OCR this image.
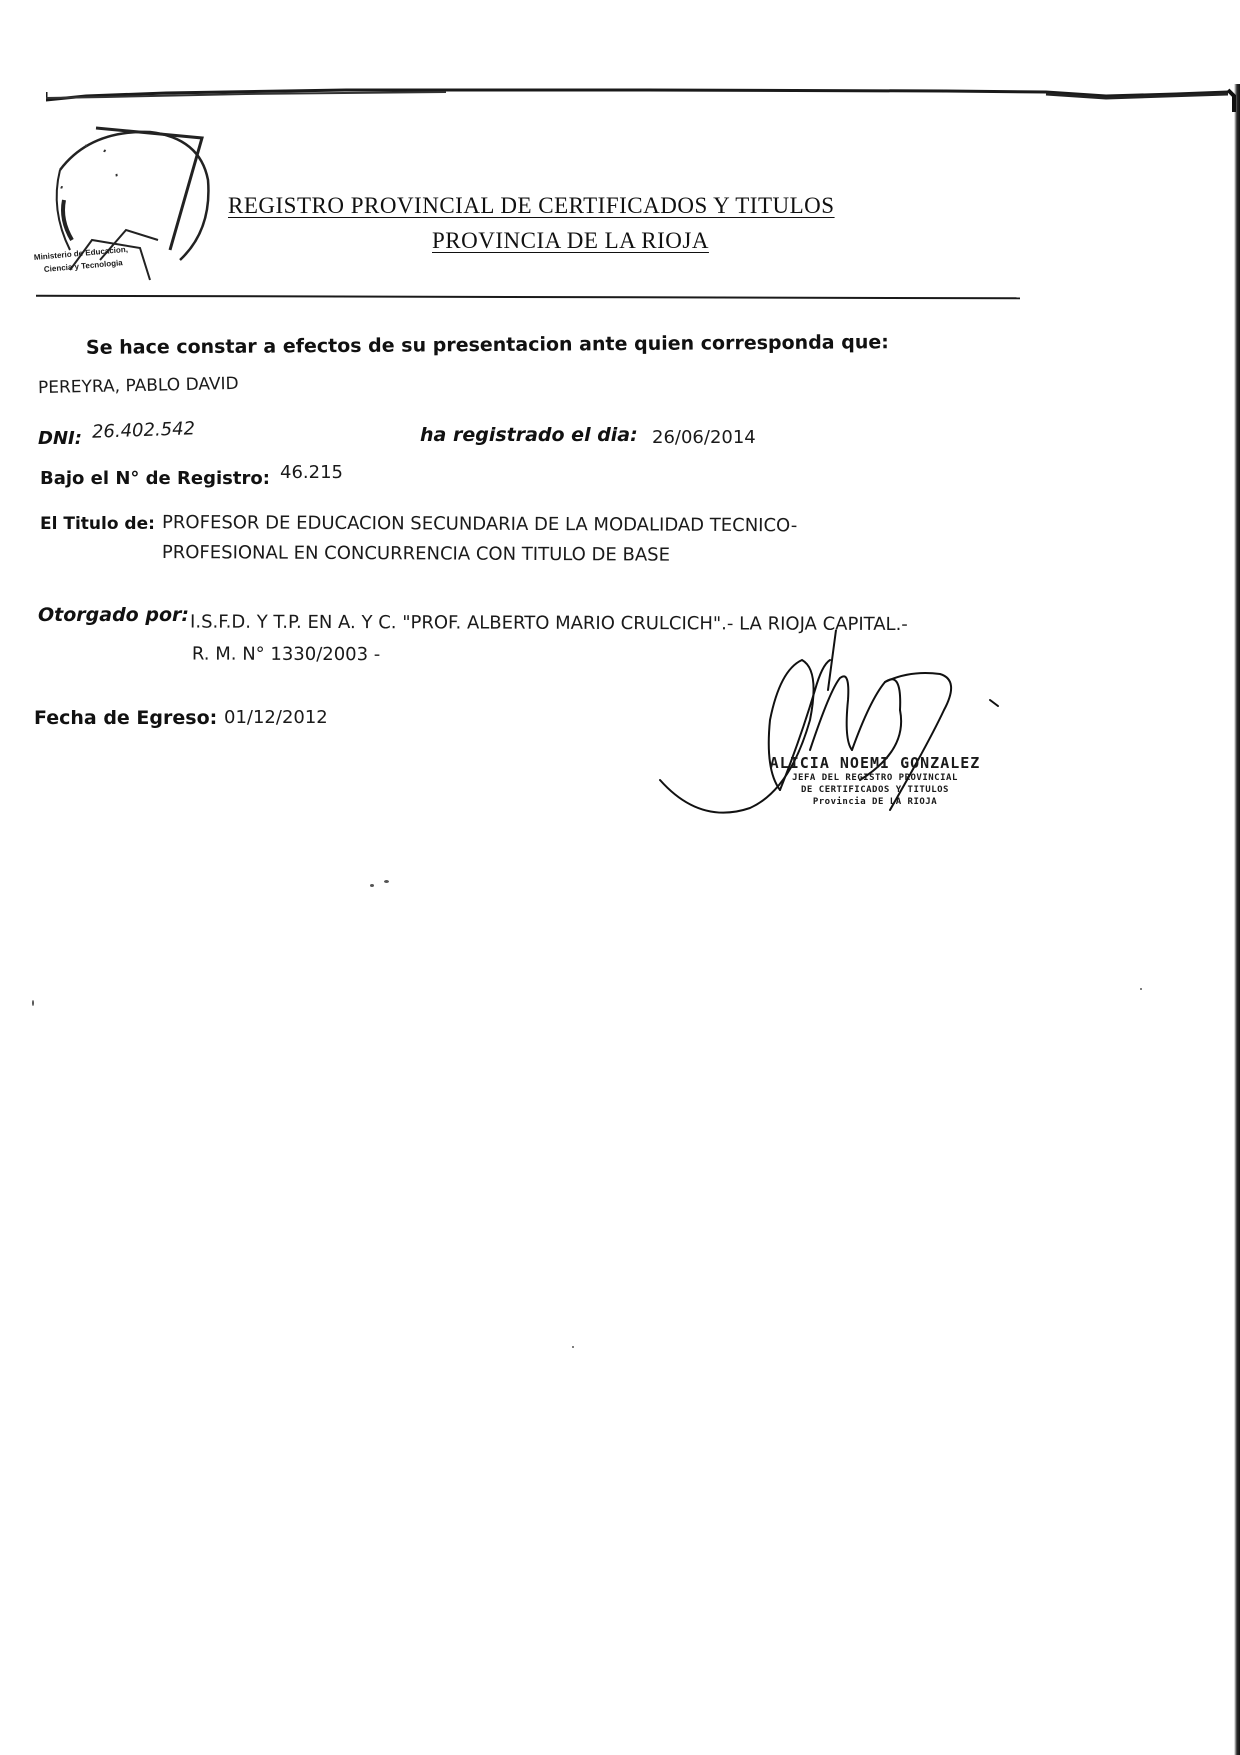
· ·
·
·
Ministerio de Educacion,
Ciencia y Tecnologia
REGISTRO PROVINCIAL DE CERTIFICADOS Y TITULOS
PROVINCIA DE LA RIOJA
Se hace constar a efectos de su presentacion ante quien corresponda que:
PEREYRA, PABLO DAVID
DNI: 26.402.542	ha registrado el dia: 26/06/2014
Bajo el N° de Registro: 46.215
El Titulo de: PROFESOR DE EDUCACION SECUNDARIA DE LA MODALIDAD TECNICO-PROFESIONAL EN CONCURRENCIA CON TITULO DE BASE
Otorgado por: I.S.F.D. Y T.P. EN A. Y C. "PROF. ALBERTO MARIO CRULCICH".- LA RIOJA CAPITAL.-
R. M. N° 1330/2003 -
Fecha de Egreso: 01/12/2012
ALICIA NOEMI GONZALEZ
JEFA DEL REGISTRO PROVINCIAL
DE CERTIFICADOS Y TITULOS
Provincia DE LA RIOJA
